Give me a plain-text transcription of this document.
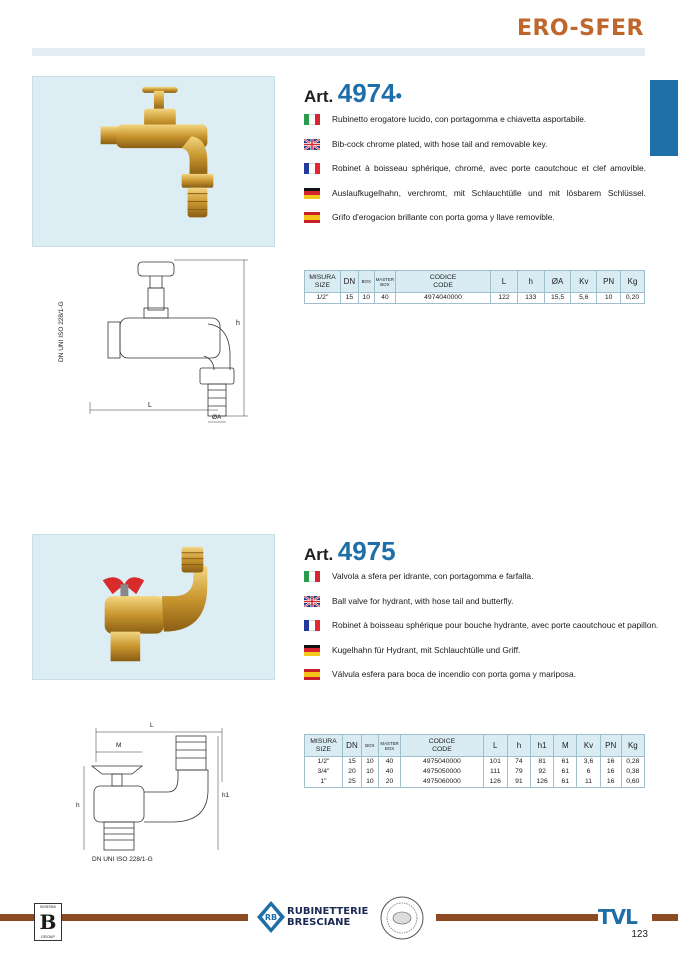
ERO-SFER
Art. 4974•
Rubinetto erogatore lucido, con portagomma e chiavetta asportabile.
Bib-cock chrome plated, with hose tail and removable key.
Robinet à boisseau sphérique, chromé, avec porte caoutchouc et clef amovible.
Auslaufkugelhahn, verchromt, mit Schlauchtülle und mit lösbarem Schlüssel.
Grifo d'erogacion brillante con porta goma y llave removible.
MISURA
SIZE	DN	BOX	MASTER
BOX	CODICE
CODE	L	h	ØA	Kv	PN	Kg
1/2"	15	10	40	4974040000	122	133	15,5	5,6	10	0,20
DN UNI ISO 228/1-G
L
h
ØA
Art. 4975
Valvola a sfera per idrante, con portagomma e farfalla.
Ball valve for hydrant, with hose tail and butterfly.
Robinet à boisseau sphérique pour bouche hydrante, avec porte caoutchouc et papillon.
Kugelhahn für Hydrant, mit Schlauchtülle und Griff.
Válvula esfera para boca de incendio con porta goma y mariposa.
MISURA
SIZE	DN	BOX	MASTER
BOX	CODICE
CODE	L	h	h1	M	Kv	PN	Kg
1/2"	15	10	40	4975040000	101	74	81	61	3,6	16	0,28
3/4"	20	10	40	4975050000	111	79	92	61	6	16	0,38
1"	25	10	20	4975060000	126	91	126	61	11	16	0,60
L
M
h
h1
DN UNI ISO 228/1-G
BOSSINI
B
GROUP
RB
RUBINETTERIE
BRESCIANE	TVL
123
